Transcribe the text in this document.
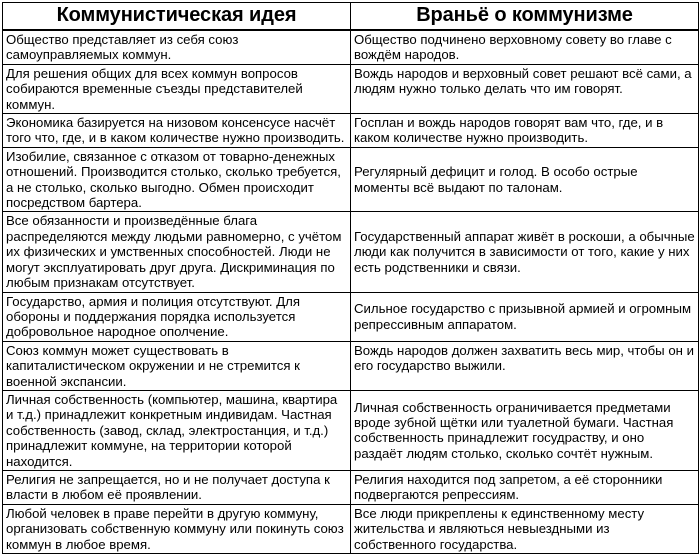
Коммунистическая идея	Враньё о коммунизме
Общество представляет из себя союз самоуправляемых коммун.	Общество подчинено верховному совету во главе с вождём народов.
Для решения общих для всех коммун вопросов собираются временные съезды представителей коммун.	Вождь народов и верховный совет решают всё сами, а людям нужно только делать что им говорят.
Экономика базируется на низовом консенсусе насчёт того что, где, и в каком количестве нужно производить.	Госплан и вождь народов говорят вам что, где, и в каком количестве нужно производить.
Изобилие, связанное с отказом от товарно-денежных отношений. Производится столько, сколько требуется, а не столько, сколько выгодно. Обмен происходит посредством бартера.	Регулярный дефицит и голод. В особо острые моменты всё выдают по талонам.
Все обязанности и произведённые блага распределяются между людьми равномерно, с учётом их физических и умственных способностей. Люди не могут эксплуатировать друг друга. Дискриминация по любым признакам отсутствует.	Государственный аппарат живёт в роскоши, а обычные люди как получится в зависимости от того, какие у них есть родственники и связи.
Государство, армия и полиция отсутствуют. Для обороны и поддержания порядка используется добровольное народное ополчение.	Сильное государство с призывной армией и огромным репрессивным аппаратом.
Союз коммун может существовать в капиталистическом окружении и не стремится к военной экспансии.	Вождь народов должен захватить весь мир, чтобы он и его государство выжили.
Личная собственность (компьютер, машина, квартира и т.д.) принадлежит конкретным индивидам. Частная собственность (завод, склад, электростанция, и т.д.) принадлежит коммуне, на территории которой находится.	Личная собственность ограничивается предметами вроде зубной щётки или туалетной бумаги. Частная собственность принадлежит госудраству, и оно раздаёт людям столько, сколько сочтёт нужным.
Религия не запрещается, но и не получает доступа к власти в любом её проявлении.	Религия находится под запретом, а её сторонники подвергаются репрессиям.
Любой человек в праве перейти в другую коммуну, организовать собственную коммуну или покинуть союз коммун в любое время.	Все люди прикреплены к единственному месту жительства и являються невыездными из собственного государства.
